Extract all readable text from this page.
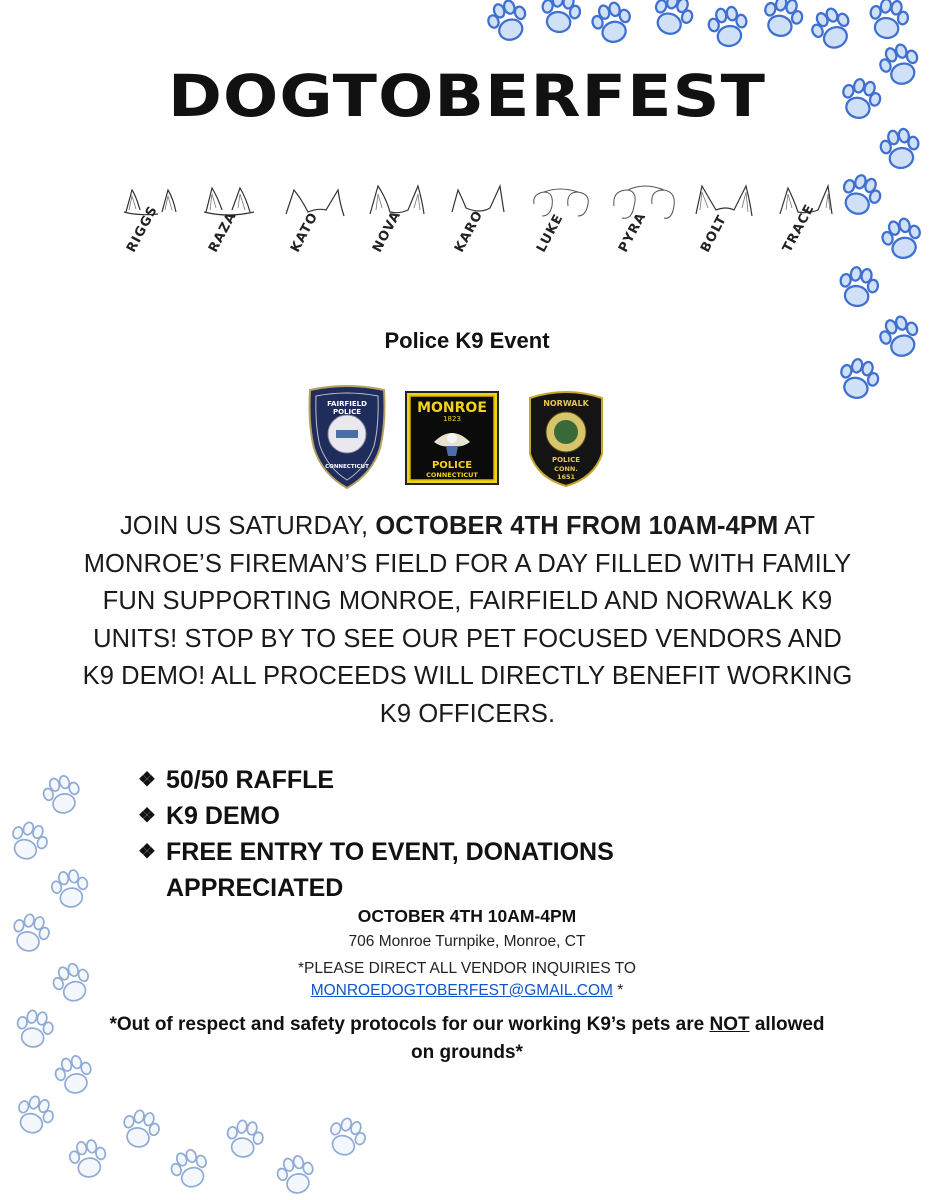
DOGTOBERFEST
RIGGS	RAZA	KATO	NOVA	KARO	LUKE	PYRA	BOLT	TRACE
Police K9 Event
FAIRFIELD
POLICE
CONNECTICUT
MONROE
1823
POLICE
CONNECTICUT
NORWALK
POLICE
CONN.
1651
JOIN US SATURDAY, OCTOBER 4TH FROM 10AM-4PM AT MONROE’S FIREMAN’S FIELD FOR A DAY FILLED WITH FAMILY FUN SUPPORTING MONROE, FAIRFIELD AND NORWALK K9 UNITS! STOP BY TO SEE OUR PET FOCUSED VENDORS AND K9 DEMO! ALL PROCEEDS WILL DIRECTLY BENEFIT WORKING K9 OFFICERS.
❖ 50/50 RAFFLE
❖ K9 DEMO
❖ FREE ENTRY TO EVENT, DONATIONS APPRECIATED
OCTOBER 4TH 10AM-4PM
706 Monroe Turnpike, Monroe, CT
*PLEASE DIRECT ALL VENDOR INQUIRIES TO
MONROEDOGTOBERFEST@GMAIL.COM *
*Out of respect and safety protocols for our working K9’s pets are NOT allowed on grounds*
